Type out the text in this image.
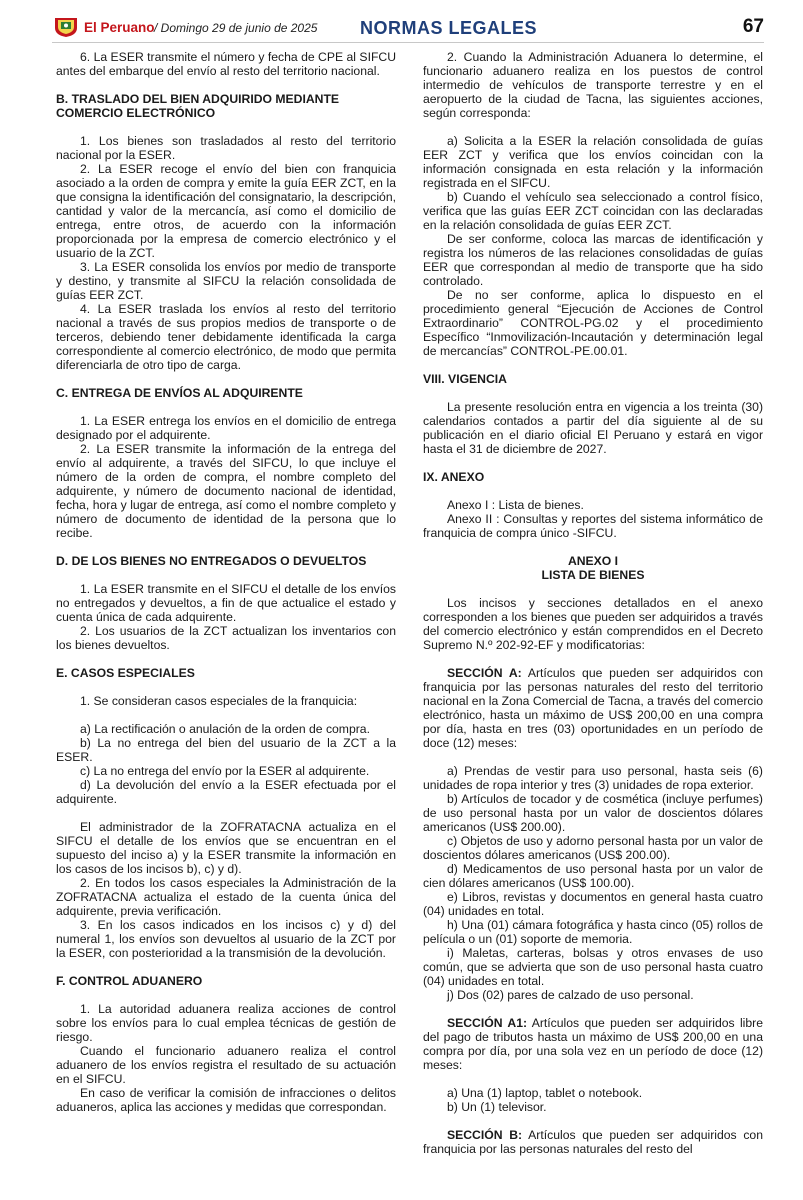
El Peruano / Domingo 29 de junio de 2025 NORMAS LEGALES	67

6. La ESER transmite el número y fecha de CPE al SIFCU antes del embarque del envío al resto del territorio nacional.

B. TRASLADO DEL BIEN ADQUIRIDO MEDIANTE COMERCIO ELECTRÓNICO

1. Los bienes son trasladados al resto del territorio nacional por la ESER.

2. La ESER recoge el envío del bien con franquicia asociado a la orden de compra y emite la guía EER ZCT, en la que consigna la identificación del consignatario, la descripción, cantidad y valor de la mercancía, así como el domicilio de entrega, entre otros, de acuerdo con la información proporcionada por la empresa de comercio electrónico y el usuario de la ZCT.

3. La ESER consolida los envíos por medio de transporte y destino, y transmite al SIFCU la relación consolidada de guías EER ZCT.

4. La ESER traslada los envíos al resto del territorio nacional a través de sus propios medios de transporte o de terceros, debiendo tener debidamente identificada la carga correspondiente al comercio electrónico, de modo que permita diferenciarla de otro tipo de carga.

C. ENTREGA DE ENVÍOS AL ADQUIRENTE

1. La ESER entrega los envíos en el domicilio de entrega designado por el adquirente.

2. La ESER transmite la información de la entrega del envío al adquirente, a través del SIFCU, lo que incluye el número de la orden de compra, el nombre completo del adquirente, y número de documento nacional de identidad, fecha, hora y lugar de entrega, así como el nombre completo y número de documento de identidad de la persona que lo recibe.

D. DE LOS BIENES NO ENTREGADOS O DEVUELTOS

1. La ESER transmite en el SIFCU el detalle de los envíos no entregados y devueltos, a fin de que actualice el estado y cuenta única de cada adquirente.

2. Los usuarios de la ZCT actualizan los inventarios con los bienes devueltos.

E. CASOS ESPECIALES

1. Se consideran casos especiales de la franquicia:

a) La rectificación o anulación de la orden de compra.

b) La no entrega del bien del usuario de la ZCT a la ESER.

c) La no entrega del envío por la ESER al adquirente.

d) La devolución del envío a la ESER efectuada por el adquirente.

El administrador de la ZOFRATACNA actualiza en el SIFCU el detalle de los envíos que se encuentran en el supuesto del inciso a) y la ESER transmite la información en los casos de los incisos b), c) y d).

2. En todos los casos especiales la Administración de la ZOFRATACNA actualiza el estado de la cuenta única del adquirente, previa verificación.

3. En los casos indicados en los incisos c) y d) del numeral 1, los envíos son devueltos al usuario de la ZCT por la ESER, con posterioridad a la transmisión de la devolución.

F. CONTROL ADUANERO

1. La autoridad aduanera realiza acciones de control sobre los envíos para lo cual emplea técnicas de gestión de riesgo.

Cuando el funcionario aduanero realiza el control aduanero de los envíos registra el resultado de su actuación en el SIFCU.

En caso de verificar la comisión de infracciones o delitos aduaneros, aplica las acciones y medidas que correspondan.

2. Cuando la Administración Aduanera lo determine, el funcionario aduanero realiza en los puestos de control intermedio de vehículos de transporte terrestre y en el aeropuerto de la ciudad de Tacna, las siguientes acciones, según corresponda:

a) Solicita a la ESER la relación consolidada de guías EER ZCT y verifica que los envíos coincidan con la información consignada en esta relación y la información registrada en el SIFCU.

b) Cuando el vehículo sea seleccionado a control físico, verifica que las guías EER ZCT coincidan con las declaradas en la relación consolidada de guías EER ZCT.

De ser conforme, coloca las marcas de identificación y registra los números de las relaciones consolidadas de guías EER que correspondan al medio de transporte que ha sido controlado.

De no ser conforme, aplica lo dispuesto en el procedimiento general “Ejecución de Acciones de Control Extraordinario” CONTROL-PG.02 y el procedimiento Específico “Inmovilización-Incautación y determinación legal de mercancías” CONTROL-PE.00.01.

VIII. VIGENCIA

La presente resolución entra en vigencia a los treinta (30) calendarios contados a partir del día siguiente al de su publicación en el diario oficial El Peruano y estará en vigor hasta el 31 de diciembre de 2027.

IX. ANEXO

Anexo I : Lista de bienes.

Anexo II : Consultas y reportes del sistema informático de franquicia de compra único -SIFCU.

ANEXO I

LISTA DE BIENES

Los incisos y secciones detallados en el anexo corresponden a los bienes que pueden ser adquiridos a través del comercio electrónico y están comprendidos en el Decreto Supremo N.º 202-92-EF y modificatorias:

SECCIÓN A: Artículos que pueden ser adquiridos con franquicia por las personas naturales del resto del territorio nacional en la Zona Comercial de Tacna, a través del comercio electrónico, hasta un máximo de US$ 200,00 en una compra por día, hasta en tres (03) oportunidades en un período de doce (12) meses:

a) Prendas de vestir para uso personal, hasta seis (6) unidades de ropa interior y tres (3) unidades de ropa exterior.

b) Artículos de tocador y de cosmética (incluye perfumes) de uso personal hasta por un valor de doscientos dólares americanos (US$ 200.00).

c) Objetos de uso y adorno personal hasta por un valor de doscientos dólares americanos (US$ 200.00).

d) Medicamentos de uso personal hasta por un valor de cien dólares americanos (US$ 100.00).

e) Libros, revistas y documentos en general hasta cuatro (04) unidades en total.

h) Una (01) cámara fotográfica y hasta cinco (05) rollos de película o un (01) soporte de memoria.

i) Maletas, carteras, bolsas y otros envases de uso común, que se advierta que son de uso personal hasta cuatro (04) unidades en total.

j) Dos (02) pares de calzado de uso personal.

SECCIÓN A1: Artículos que pueden ser adquiridos libre del pago de tributos hasta un máximo de US$ 200,00 en una compra por día, por una sola vez en un período de doce (12) meses:

a) Una (1) laptop, tablet o notebook.

b) Un (1) televisor.

SECCIÓN B: Artículos que pueden ser adquiridos con franquicia por las personas naturales del resto del
